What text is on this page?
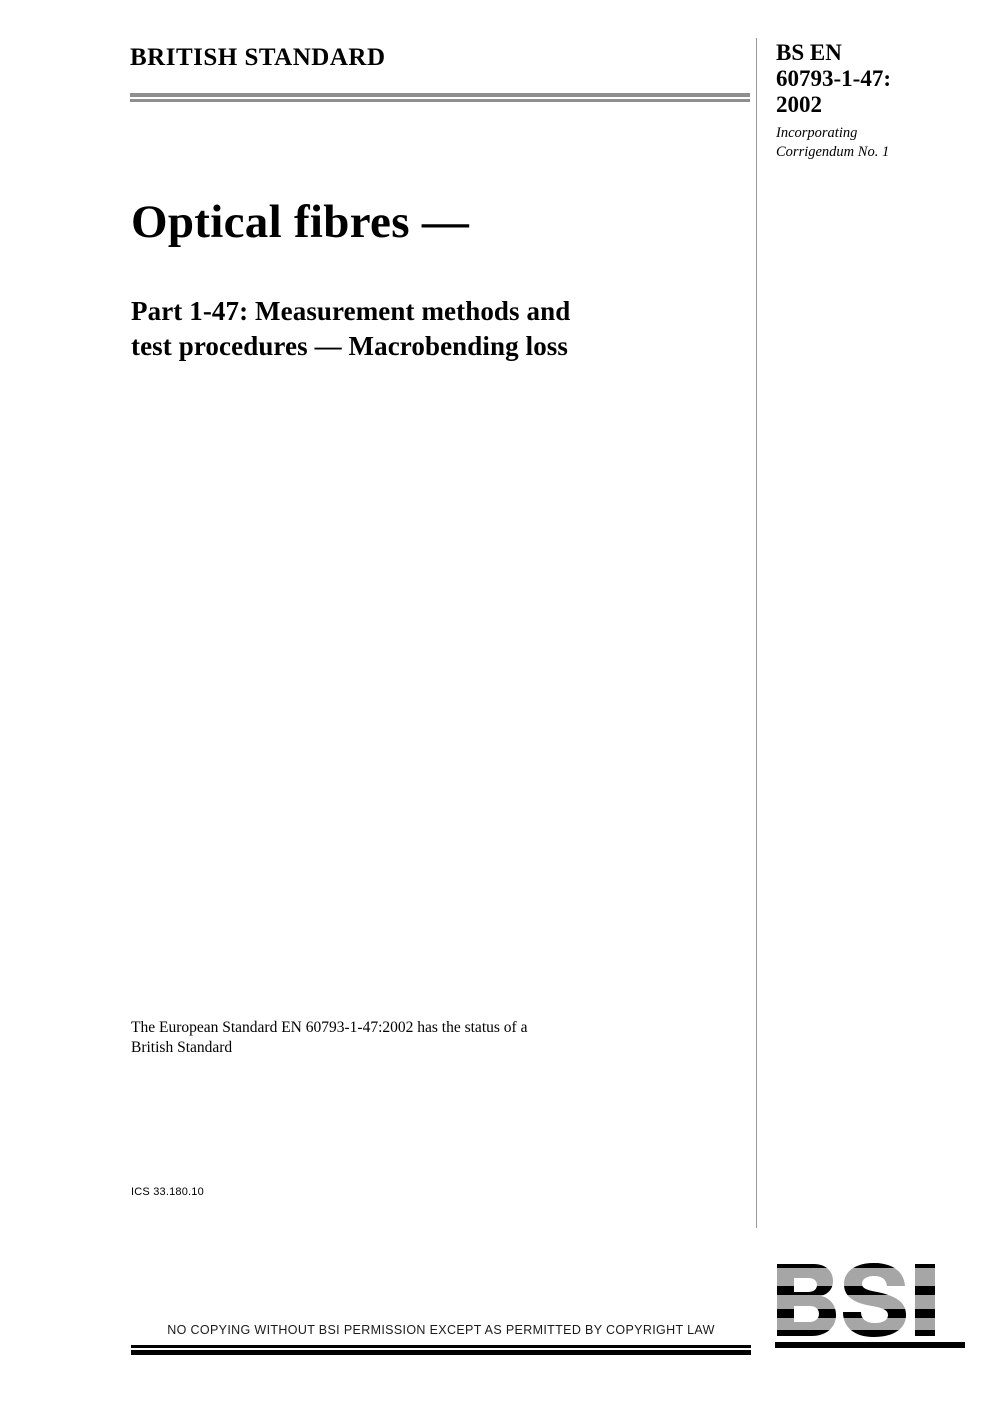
BRITISH STANDARD	BS EN
60793-1-47:
2002
Incorporating
Corrigendum No. 1
Optical fibres —
Part 1-47: Measurement methods and
test procedures — Macrobending loss
The European Standard EN 60793-1-47:2002 has the status of a
British Standard
ICS 33.180.10
NO COPYING WITHOUT BSI PERMISSION EXCEPT AS PERMITTED BY COPYRIGHT LAW
